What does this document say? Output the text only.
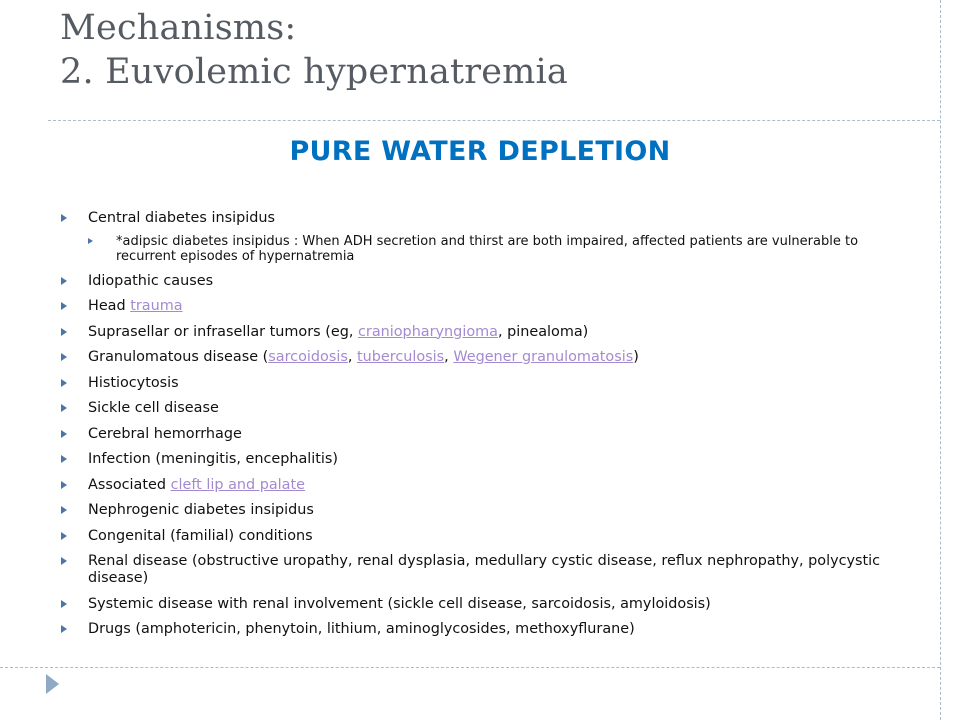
Mechanisms:
2. Euvolemic hypernatremia
PURE WATER DEPLETION
Central diabetes insipidus
*adipsic diabetes insipidus : When ADH secretion and thirst are both impaired, affected patients are vulnerable to recurrent episodes of hypernatremia
Idiopathic causes
Head trauma
Suprasellar or infrasellar tumors (eg, craniopharyngioma, pinealoma)
Granulomatous disease (sarcoidosis, tuberculosis, Wegener granulomatosis)
Histiocytosis
Sickle cell disease
Cerebral hemorrhage
Infection (meningitis, encephalitis)
Associated cleft lip and palate
Nephrogenic diabetes insipidus
Congenital (familial) conditions
Renal disease (obstructive uropathy, renal dysplasia, medullary cystic disease, reflux nephropathy, polycystic disease)
Systemic disease with renal involvement (sickle cell disease, sarcoidosis, amyloidosis)
Drugs (amphotericin, phenytoin, lithium, aminoglycosides, methoxyflurane)
